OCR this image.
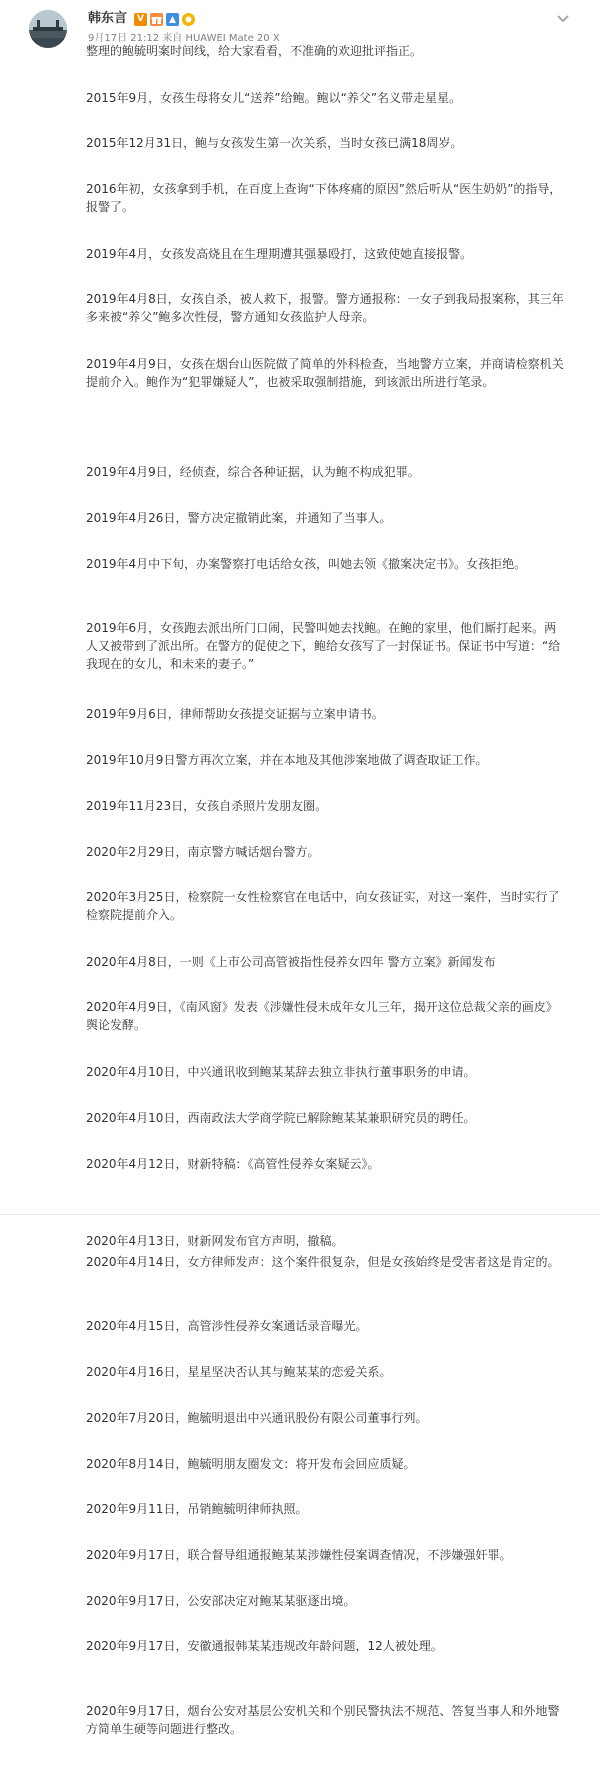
韩东言	V
9月17日 21:12 来自 HUAWEI Mate 20 X

整理的鲍毓明案时间线，给大家看看，不准确的欢迎批评指正。

2015年9月，女孩生母将女儿“送养”给鲍。鲍以“养父”名义带走星星。

2015年12月31日，鲍与女孩发生第一次关系，当时女孩已满18周岁。

2016年初，女孩拿到手机，在百度上查询“下体疼痛的原因”然后听从“医生奶奶”的指导，报警了。

2019年4月，女孩发高烧且在生理期遭其强暴殴打，这致使她直接报警。

2019年4月8日，女孩自杀，被人救下，报警。警方通报称：一女子到我局报案称，其三年多来被“养父”鲍多次性侵，警方通知女孩监护人母亲。

2019年4月9日，女孩在烟台山医院做了简单的外科检查，当地警方立案，并商请检察机关提前介入。鲍作为“犯罪嫌疑人”，也被采取强制措施，到该派出所进行笔录。

2019年4月9日，经侦查，综合各种证据，认为鲍不构成犯罪。

2019年4月26日，警方决定撤销此案，并通知了当事人。

2019年4月中下旬，办案警察打电话给女孩，叫她去领《撤案决定书》。女孩拒绝。

2019年6月，女孩跑去派出所门口闹，民警叫她去找鲍。在鲍的家里，他们厮打起来。两人又被带到了派出所。在警方的促使之下，鲍给女孩写了一封保证书。保证书中写道：“给我现在的女儿，和未来的妻子。”

2019年9月6日，律师帮助女孩提交证据与立案申请书。

2019年10月9日警方再次立案，并在本地及其他涉案地做了调查取证工作。

2019年11月23日，女孩自杀照片发朋友圈。

2020年2月29日，南京警方喊话烟台警方。

2020年3月25日，检察院一女性检察官在电话中，向女孩证实，对这一案件，当时实行了检察院提前介入。

2020年4月8日，一则《上市公司高管被指性侵养女四年 警方立案》新闻发布

2020年4月9日，《南风窗》发表《涉嫌性侵未成年女儿三年，揭开这位总裁父亲的画皮》舆论发酵。

2020年4月10日，中兴通讯收到鲍某某辞去独立非执行董事职务的申请。

2020年4月10日，西南政法大学商学院已解除鲍某某兼职研究员的聘任。

2020年4月12日，财新特稿：《高管性侵养女案疑云》。

2020年4月13日，财新网发布官方声明，撤稿。

2020年4月14日，女方律师发声：这个案件很复杂，但是女孩始终是受害者这是肯定的。

2020年4月15日，高管涉性侵养女案通话录音曝光。

2020年4月16日，星星坚决否认其与鲍某某的恋爱关系。

2020年7月20日，鲍毓明退出中兴通讯股份有限公司董事行列。

2020年8月14日，鲍毓明朋友圈发文：将开发布会回应质疑。

2020年9月11日，吊销鲍毓明律师执照。

2020年9月17日，联合督导组通报鲍某某涉嫌性侵案调查情况，不涉嫌强奸罪。

2020年9月17日，公安部决定对鲍某某驱逐出境。

2020年9月17日，安徽通报韩某某违规改年龄问题，12人被处理。

2020年9月17日，烟台公安对基层公安机关和个别民警执法不规范、答复当事人和外地警方简单生硬等问题进行整改。
